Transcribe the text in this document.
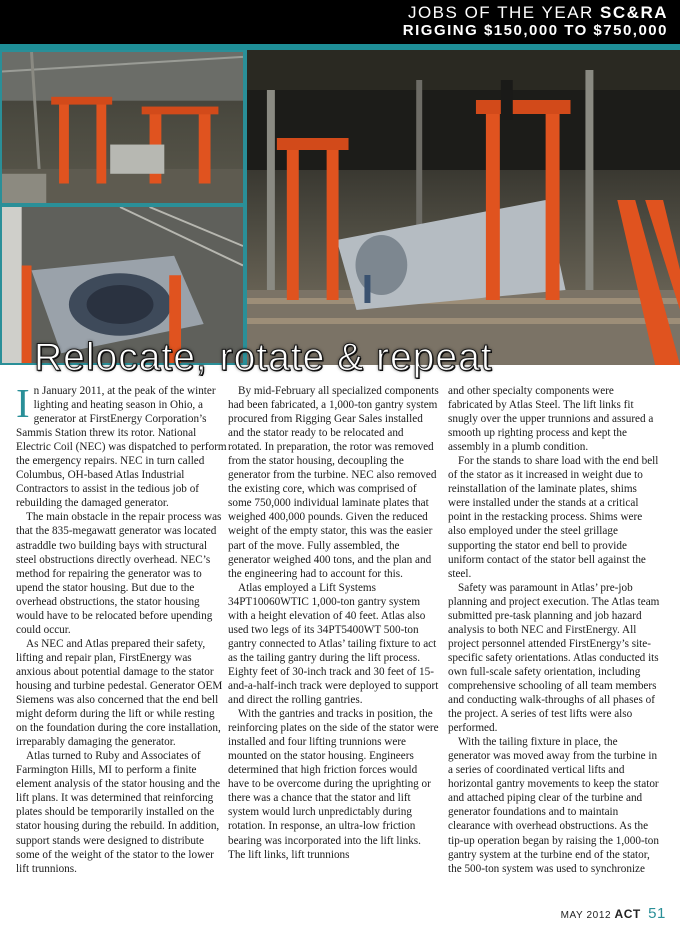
JOBS OF THE YEAR SC&RA
RIGGING $150,000 TO $750,000
Relocate, rotate & repeat

In January 2011, at the peak of the winter lighting and heating season in Ohio, a generator at FirstEnergy Corporation’s Sammis Station threw its rotor. National Electric Coil (NEC) was dispatched to perform the emergency repairs. NEC in turn called Columbus, OH-based Atlas Industrial Contractors to assist in the tedious job of rebuilding the damaged generator.

The main obstacle in the repair process was that the 835-megawatt generator was located astraddle two building bays with structural steel obstructions directly overhead. NEC’s method for repairing the generator was to upend the stator housing. But due to the overhead obstructions, the stator housing would have to be relocated before upending could occur.

As NEC and Atlas prepared their safety, lifting and repair plan, FirstEnergy was anxious about potential damage to the stator housing and turbine pedestal. Generator OEM Siemens was also concerned that the end bell might deform during the lift or while resting on the foundation during the core installation, irreparably damaging the generator.

Atlas turned to Ruby and Associates of Farmington Hills, MI to perform a finite element analysis of the stator housing and the lift plans. It was determined that reinforcing plates should be temporarily installed on the stator housing during the rebuild. In addition, support stands were designed to distribute some of the weight of the stator to the lower lift trunnions.

By mid-February all specialized components had been fabricated, a 1,000-ton gantry system procured from Rigging Gear Sales installed and the stator ready to be relocated and rotated. In preparation, the rotor was removed from the stator housing, decoupling the generator from the turbine. NEC also removed the existing core, which was comprised of some 750,000 individual laminate plates that weighed 400,000 pounds. Given the reduced weight of the empty stator, this was the easier part of the move. Fully assembled, the generator weighed 400 tons, and the plan and the engineering had to account for this.

Atlas employed a Lift Systems 34PT10060WTIC 1,000-ton gantry system with a height elevation of 40 feet. Atlas also used two legs of its 34PT5400WT 500-ton gantry connected to Atlas’ tailing fixture to act as the tailing gantry during the lift process. Eighty feet of 30-inch track and 30 feet of 15-and-a-half-inch track were deployed to support and direct the rolling gantries.

With the gantries and tracks in position, the reinforcing plates on the side of the stator were installed and four lifting trunnions were mounted on the stator housing. Engineers determined that high friction forces would have to be overcome during the uprighting or there was a chance that the stator and lift system would lurch unpredictably during rotation. In response, an ultra-low friction bearing was incorporated into the lift links. The lift links, lift trunnions

and other specialty components were fabricated by Atlas Steel. The lift links fit snugly over the upper trunnions and assured a smooth up righting process and kept the assembly in a plumb condition.

For the stands to share load with the end bell of the stator as it increased in weight due to reinstallation of the laminate plates, shims were installed under the stands at a critical point in the restacking process. Shims were also employed under the steel grillage supporting the stator end bell to provide uniform contact of the stator bell against the steel.

Safety was paramount in Atlas’ pre-job planning and project execution. The Atlas team submitted pre-task planning and job hazard analysis to both NEC and FirstEnergy. All project personnel attended FirstEnergy’s site-specific safety orientations. Atlas conducted its own full-scale safety orientation, including comprehensive schooling of all team members and conducting walk-throughs of all phases of the project. A series of test lifts were also performed.

With the tailing fixture in place, the generator was moved away from the turbine in a series of coordinated vertical lifts and horizontal gantry movements to keep the stator and attached piping clear of the turbine and generator foundations and to maintain clearance with overhead obstructions. As the tip-up operation began by raising the 1,000-ton gantry system at the turbine end of the stator, the 500-ton system was used to synchronize

MAY 2012 ACT 51
